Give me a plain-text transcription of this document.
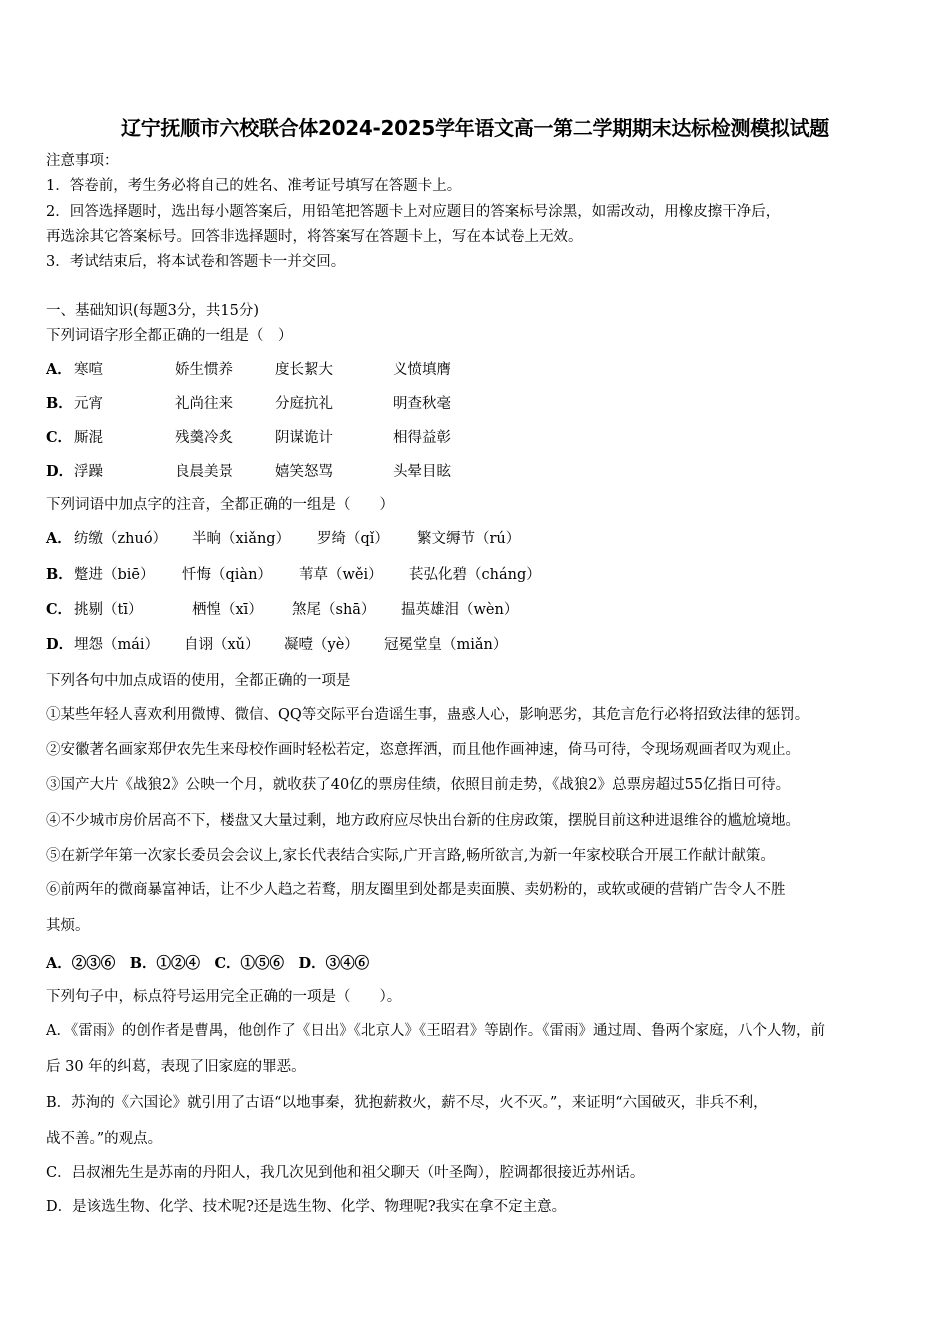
辽宁抚顺市六校联合体2024-2025学年语文高一第二学期期末达标检测模拟试题
注意事项：
1．答卷前，考生务必将自己的姓名、准考证号填写在答题卡上。
2．回答选择题时，选出每小题答案后，用铅笔把答题卡上对应题目的答案标号涂黑，如需改动，用橡皮擦干净后，
再选涂其它答案标号。回答非选择题时，将答案写在答题卡上，写在本试卷上无效。
3．考试结束后，将本试卷和答题卡一并交回。
一、基础知识(每题3分，共15分)
下列词语字形全都正确的一组是（　）
A． 寒喧	娇生惯养	度长絜大	义愤填膺
B． 元宵	礼尚往来	分庭抗礼	明查秋毫
C． 厮混	残羹冷炙	阴谋诡计	相得益彰
D． 浮躁	良晨美景	嬉笑怒骂	头晕目眩
下列词语中加点字的注音，全都正确的一组是（　　）
A． 纺缴（zhuó） 半晌（xiǎng） 罗绮（qǐ） 繁文缛节（rú）
B． 蹩进（biē） 忏悔（qiàn） 苇草（wěi） 苌弘化碧（cháng）
C． 挑剔（tī）	栖惶（xī） 煞尾（shā） 揾英雄泪（wèn）
D． 埋怨（mái） 自诩（xǔ） 凝噎（yè） 冠冕堂皇（miǎn）
下列各句中加点成语的使用，全都正确的一项是
①某些年轻人喜欢利用微博、微信、QQ等交际平台造谣生事，蛊惑人心，影响恶劣，其危言危行必将招致法律的惩罚。
②安徽著名画家郑伊农先生来母校作画时轻松若定，恣意挥洒，而且他作画神速，倚马可待，令现场观画者叹为观止。
③国产大片《战狼2》公映一个月，就收获了40亿的票房佳绩，依照目前走势，《战狼2》总票房超过55亿指日可待。
④不少城市房价居高不下，楼盘又大量过剩，地方政府应尽快出台新的住房政策，摆脱目前这种进退维谷的尴尬境地。
⑤在新学年第一次家长委员会会议上,家长代表结合实际,广开言路,畅所欲言,为新一年家校联合开展工作献计献策。
⑥前两年的微商暴富神话，让不少人趋之若鹜，朋友圈里到处都是卖面膜、卖奶粉的，或软或硬的营销广告令人不胜
其烦。
A．②③⑥　B．①②④　C．①⑤⑥　D．③④⑥
下列句子中，标点符号运用完全正确的一项是（　　）。
A．《雷雨》的创作者是曹禺，他创作了《日出》《北京人》《王昭君》等剧作。《雷雨》通过周、鲁两个家庭，八个人物，前
后 30 年的纠葛，表现了旧家庭的罪恶。
B．苏洵的《六国论》就引用了古语“以地事秦，犹抱薪救火，薪不尽，火不灭。”，来证明“六国破灭，非兵不利，
战不善。”的观点。
C．吕叔湘先生是苏南的丹阳人，我几次见到他和祖父聊天（叶圣陶），腔调都很接近苏州话。
D．是该选生物、化学、技术呢?还是选生物、化学、物理呢?我实在拿不定主意。
